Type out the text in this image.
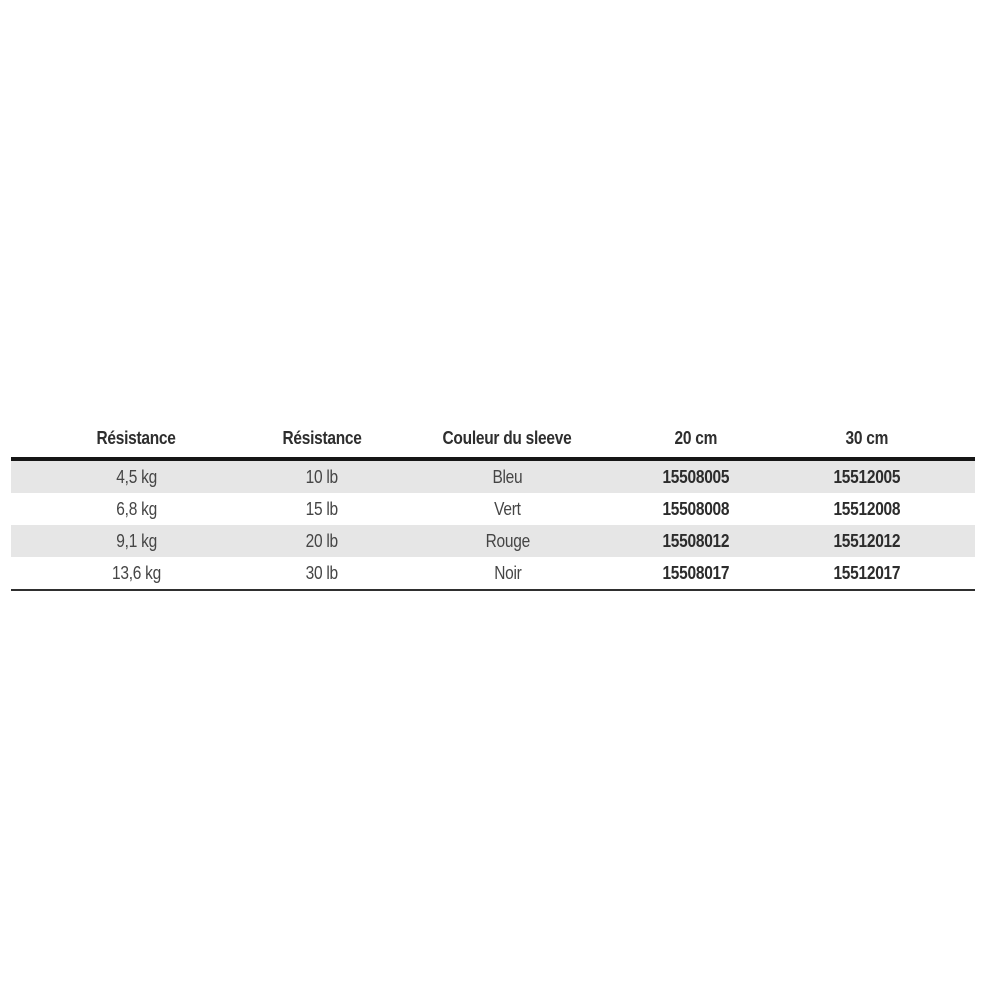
Résistance	Résistance	Couleur du sleeve	20 cm	30 cm
4,5 kg	10 lb	Bleu	15508005	15512005
6,8 kg	15 lb	Vert	15508008	15512008
9,1 kg	20 lb	Rouge	15508012	15512012
13,6 kg	30 lb	Noir	15508017	15512017
